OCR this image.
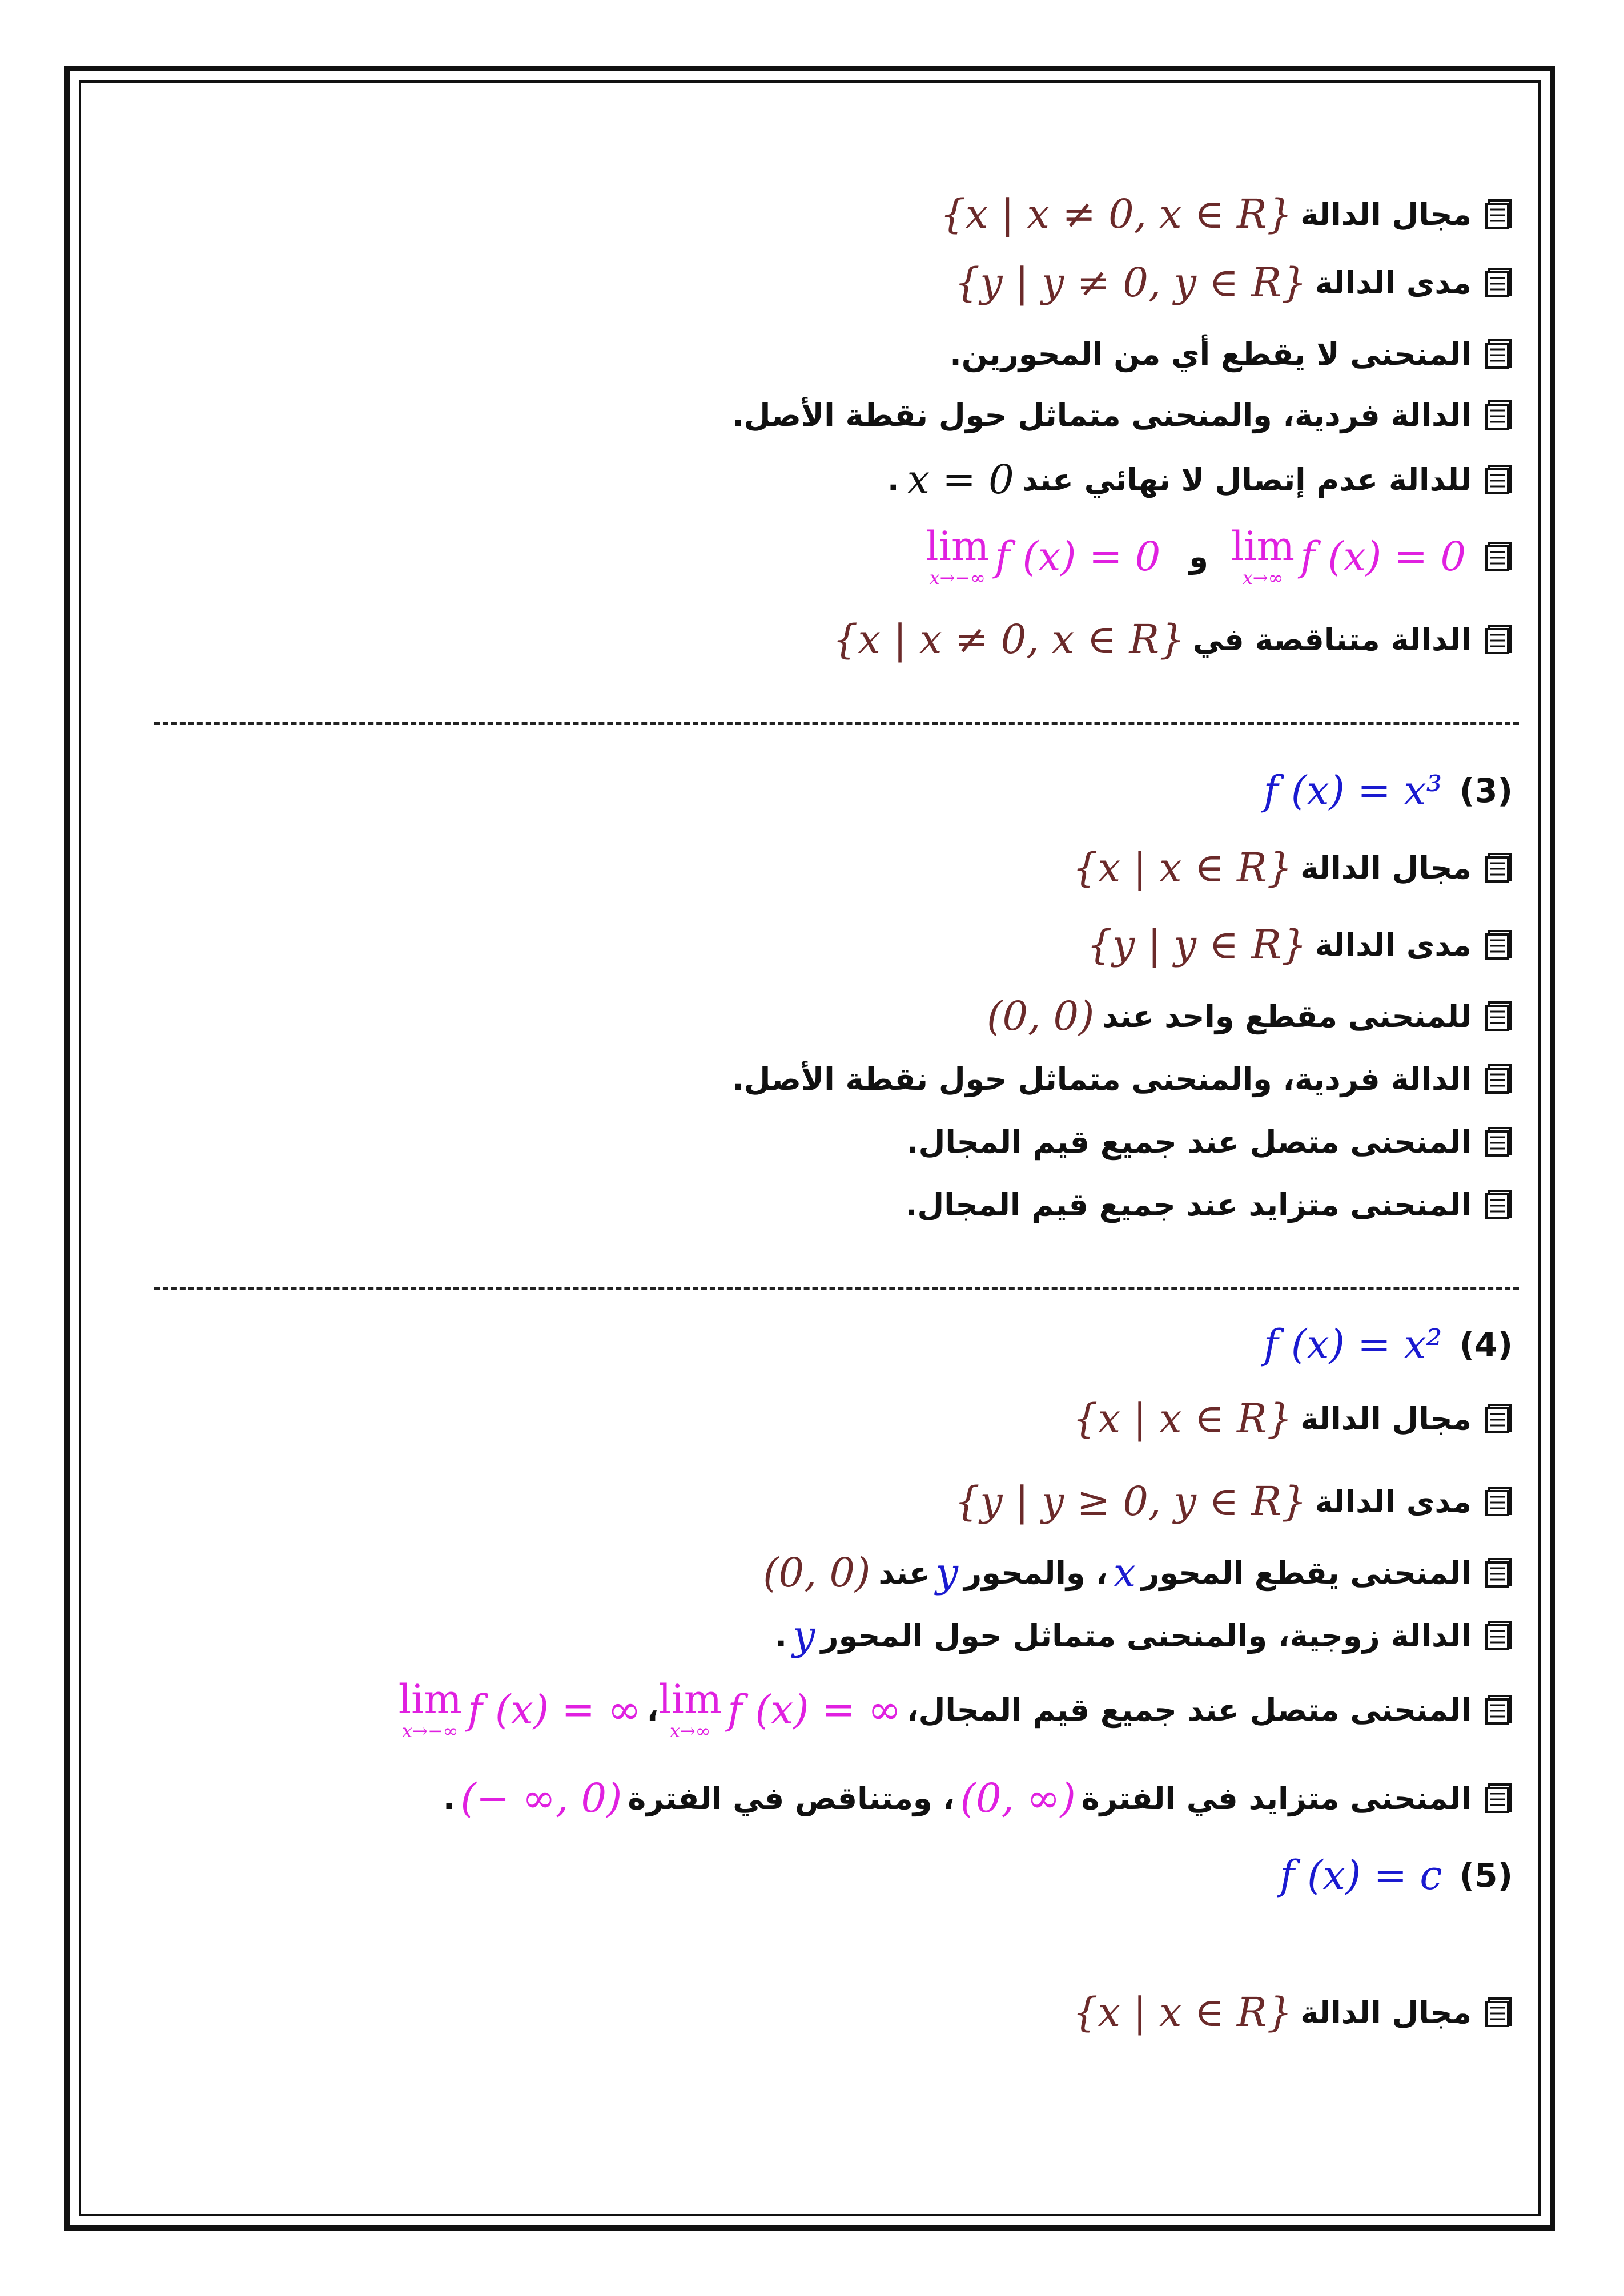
مجال الدالة
{x | x ≠ 0, x ∈ R}
مدى الدالة
{y | y ≠ 0, y ∈ R}
المنحنى لا يقطع أي من المحورين.
الدالة فردية، والمنحنى متماثل حول نقطة الأصل.
للدالة عدم إتصال لا نهائي عند
x = 0
.
f (x) = 0
lim
x→∞
و
f (x) = 0
lim
x→−∞
الدالة متناقصة في
{x | x ≠ 0, x ∈ R}
(3)
f (x) = x³
مجال الدالة
{x | x ∈ R}
مدى الدالة
{y | y ∈ R}
للمنحنى مقطع واحد عند
(0, 0)
الدالة فردية، والمنحنى متماثل حول نقطة الأصل.
المنحنى متصل عند جميع قيم المجال.
المنحنى متزايد عند جميع قيم المجال.
(4)
f (x) = x²
مجال الدالة
{x | x ∈ R}
مدى الدالة
{y | y ≥ 0, y ∈ R}
المنحنى يقطع المحور
x
، والمحور
y
عند
(0, 0)
الدالة زوجية، والمنحنى متماثل حول المحور
y
.
المنحنى متصل عند جميع قيم المجال،
f (x) = ∞
lim
x→∞
،
f (x) = ∞
lim
x→−∞
المنحنى متزايد في الفترة
(0, ∞)
، ومتناقص في الفترة
(− ∞, 0)
.
(5)
f (x) = c
مجال الدالة
{x | x ∈ R}
